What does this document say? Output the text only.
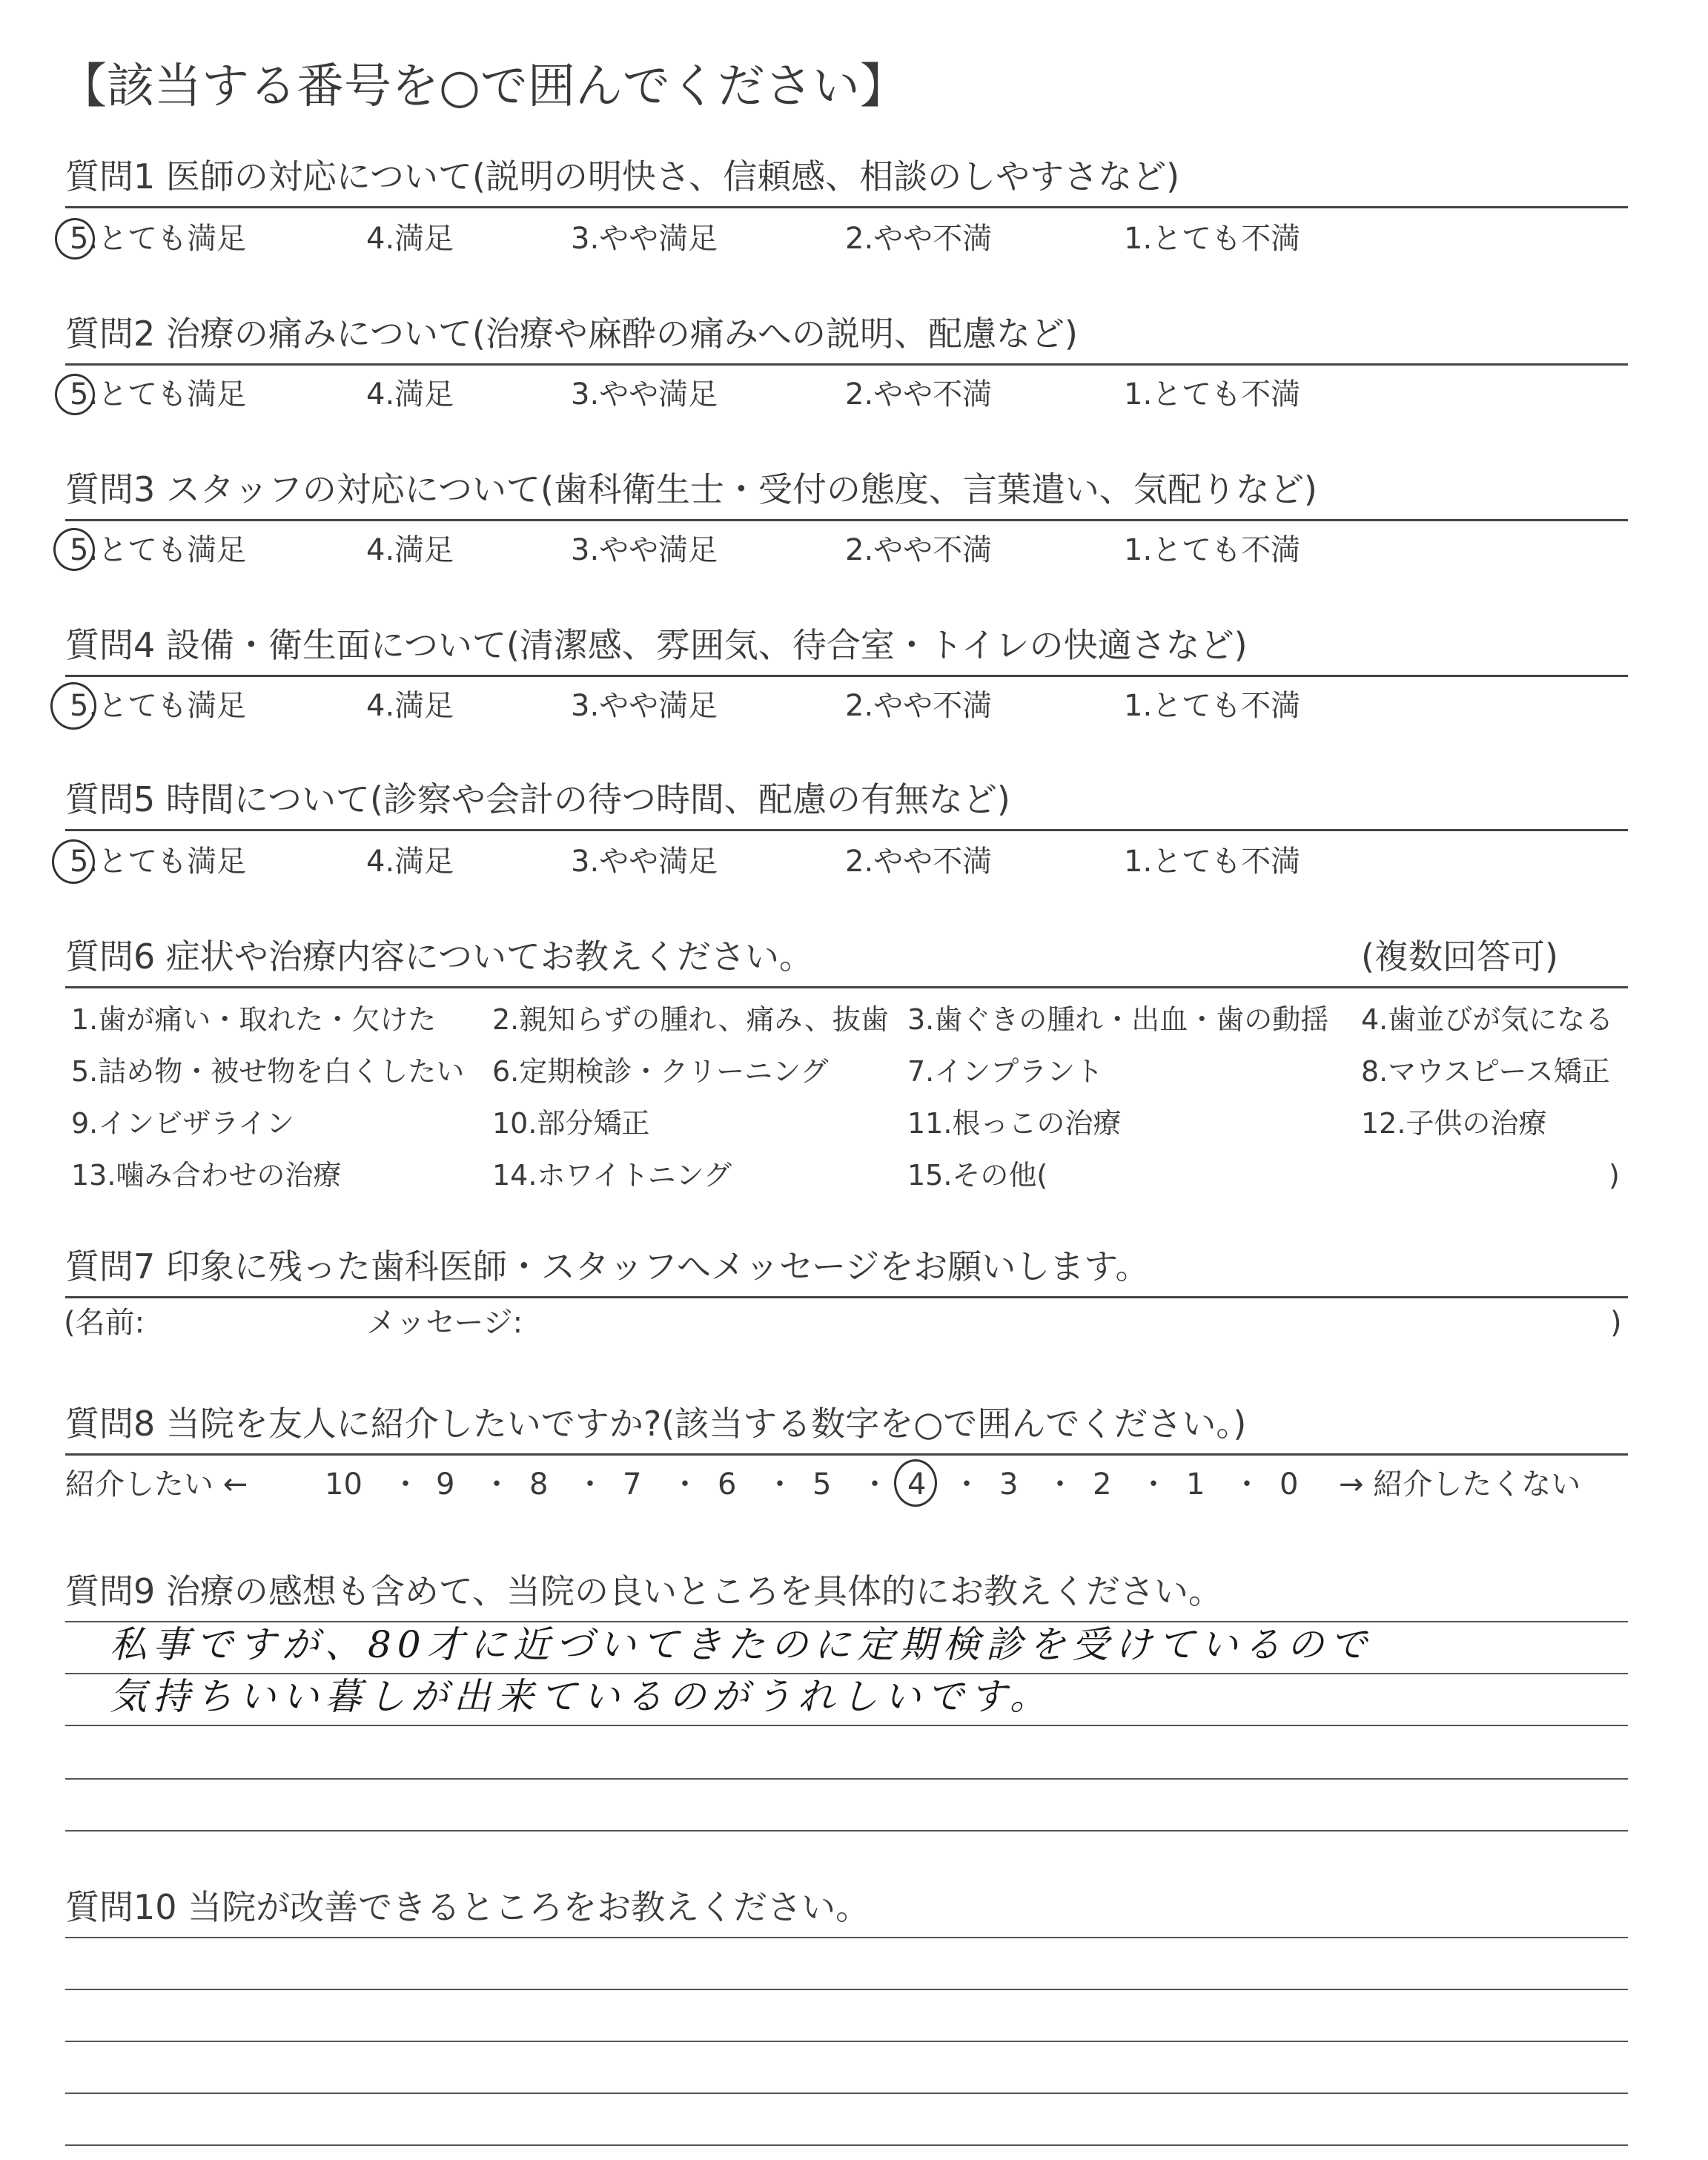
【該当する番号を○で囲んでください】
質問1 医師の対応について(説明の明快さ、信頼感、相談のしやすさなど)
5.とても満足	4.満足	3.やや満足	2.やや不満	1.とても不満
質問2 治療の痛みについて(治療や麻酔の痛みへの説明、配慮など)
5.とても満足	4.満足	3.やや満足	2.やや不満	1.とても不満
質問3 スタッフの対応について(歯科衛生士・受付の態度、言葉遣い、気配りなど)
5.とても満足	4.満足	3.やや満足	2.やや不満	1.とても不満
質問4 設備・衛生面について(清潔感、雰囲気、待合室・トイレの快適さなど)
5.とても満足	4.満足	3.やや満足	2.やや不満	1.とても不満
質問5 時間について(診察や会計の待つ時間、配慮の有無など)
5.とても満足	4.満足	3.やや満足	2.やや不満	1.とても不満
質問6 症状や治療内容についてお教えください。	(複数回答可)
1.歯が痛い・取れた・欠けた 2.親知らずの腫れ、痛み、抜歯 3.歯ぐきの腫れ・出血・歯の動揺 4.歯並びが気になる
5.詰め物・被せ物を白くしたい 6.定期検診・クリーニング	7.インプラント	8.マウスピース矯正
9.インビザライン	10.部分矯正	11.根っこの治療	12.子供の治療
13.噛み合わせの治療	14.ホワイトニング	15.その他(	)
質問7 印象に残った歯科医師・スタッフへメッセージをお願いします。
(名前:	メッセージ:	)
質問8 当院を友人に紹介したいですか?(該当する数字を○で囲んでください。)
紹介したい ←	10 ・ 9 ・ 8 ・ 7 ・ 6 ・ 5 ・ 4 ・ 3 ・ 2 ・ 1 ・ 0 → 紹介したくない
質問9 治療の感想も含めて、当院の良いところを具体的にお教えください。
私事ですが、80才に近づいてきたのに定期検診を受けているので
気持ちいい暮しが出来ているのがうれしいです。
質問10 当院が改善できるところをお教えください。
